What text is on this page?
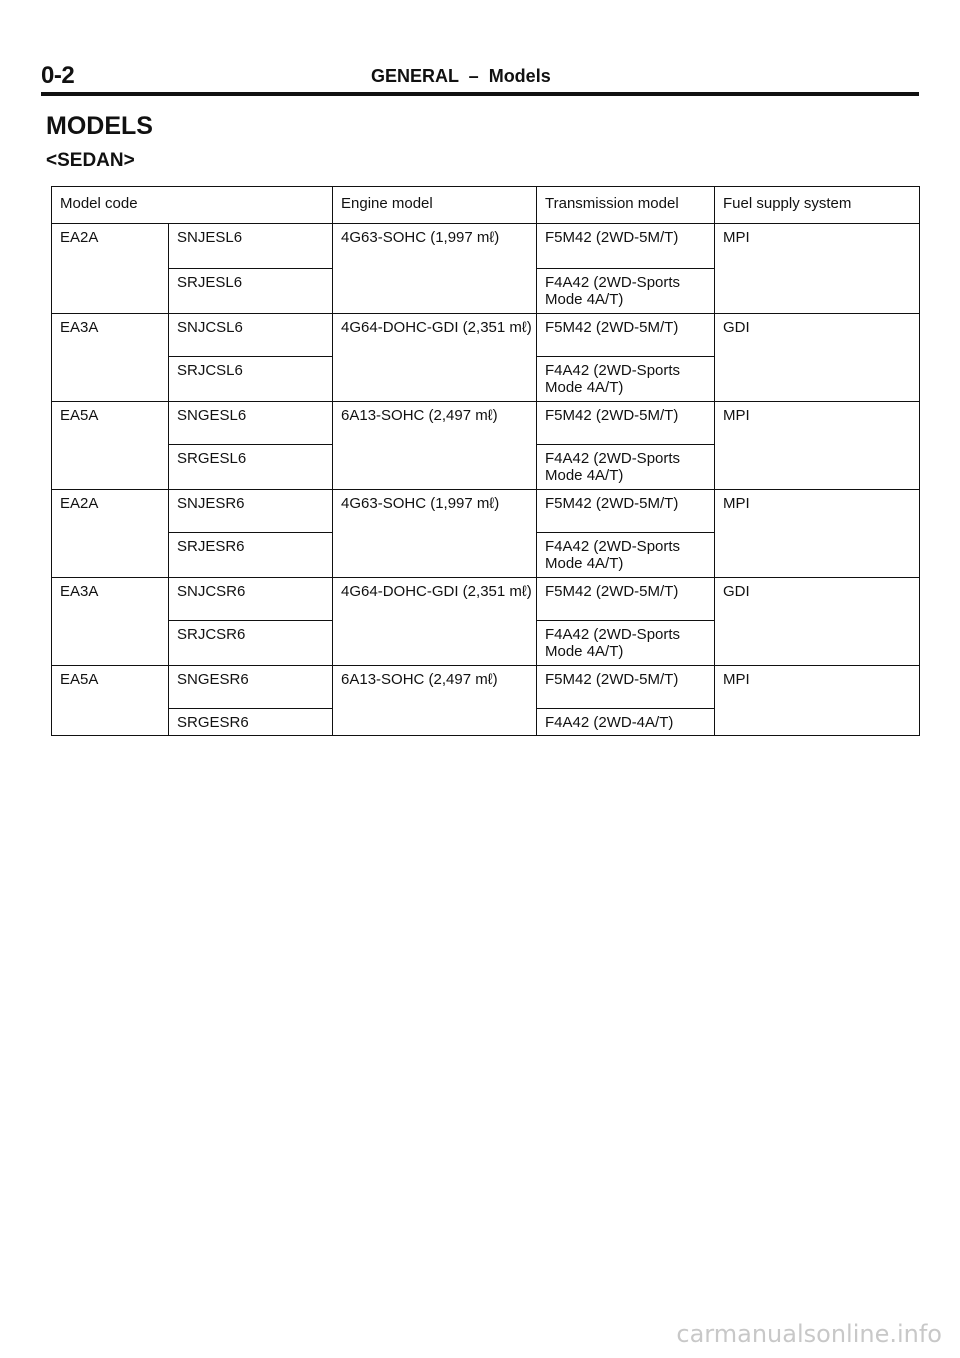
0-2	GENERAL  –  Models
MODELS
<SEDAN>
Model code		Engine model	Transmission model	Fuel supply system
EA2A	SNJESL6	4G63-SOHC (1,997 mℓ)	F5M42 (2WD-5M/T)	MPI
	SRJESL6		F4A42 (2WD-Sports Mode 4A/T)	
EA3A	SNJCSL6	4G64-DOHC-GDI (2,351 mℓ)	F5M42 (2WD-5M/T)	GDI
	SRJCSL6		F4A42 (2WD-Sports Mode 4A/T)	
EA5A	SNGESL6	6A13-SOHC (2,497 mℓ)	F5M42 (2WD-5M/T)	MPI
	SRGESL6		F4A42 (2WD-Sports Mode 4A/T)	
EA2A	SNJESR6	4G63-SOHC (1,997 mℓ)	F5M42 (2WD-5M/T)	MPI
	SRJESR6		F4A42 (2WD-Sports Mode 4A/T)	
EA3A	SNJCSR6	4G64-DOHC-GDI (2,351 mℓ)	F5M42 (2WD-5M/T)	GDI
	SRJCSR6		F4A42 (2WD-Sports Mode 4A/T)	
EA5A	SNGESR6	6A13-SOHC (2,497 mℓ)	F5M42 (2WD-5M/T)	MPI
	SRGESR6		F4A42 (2WD-4A/T)	
carmanualsonline.info
